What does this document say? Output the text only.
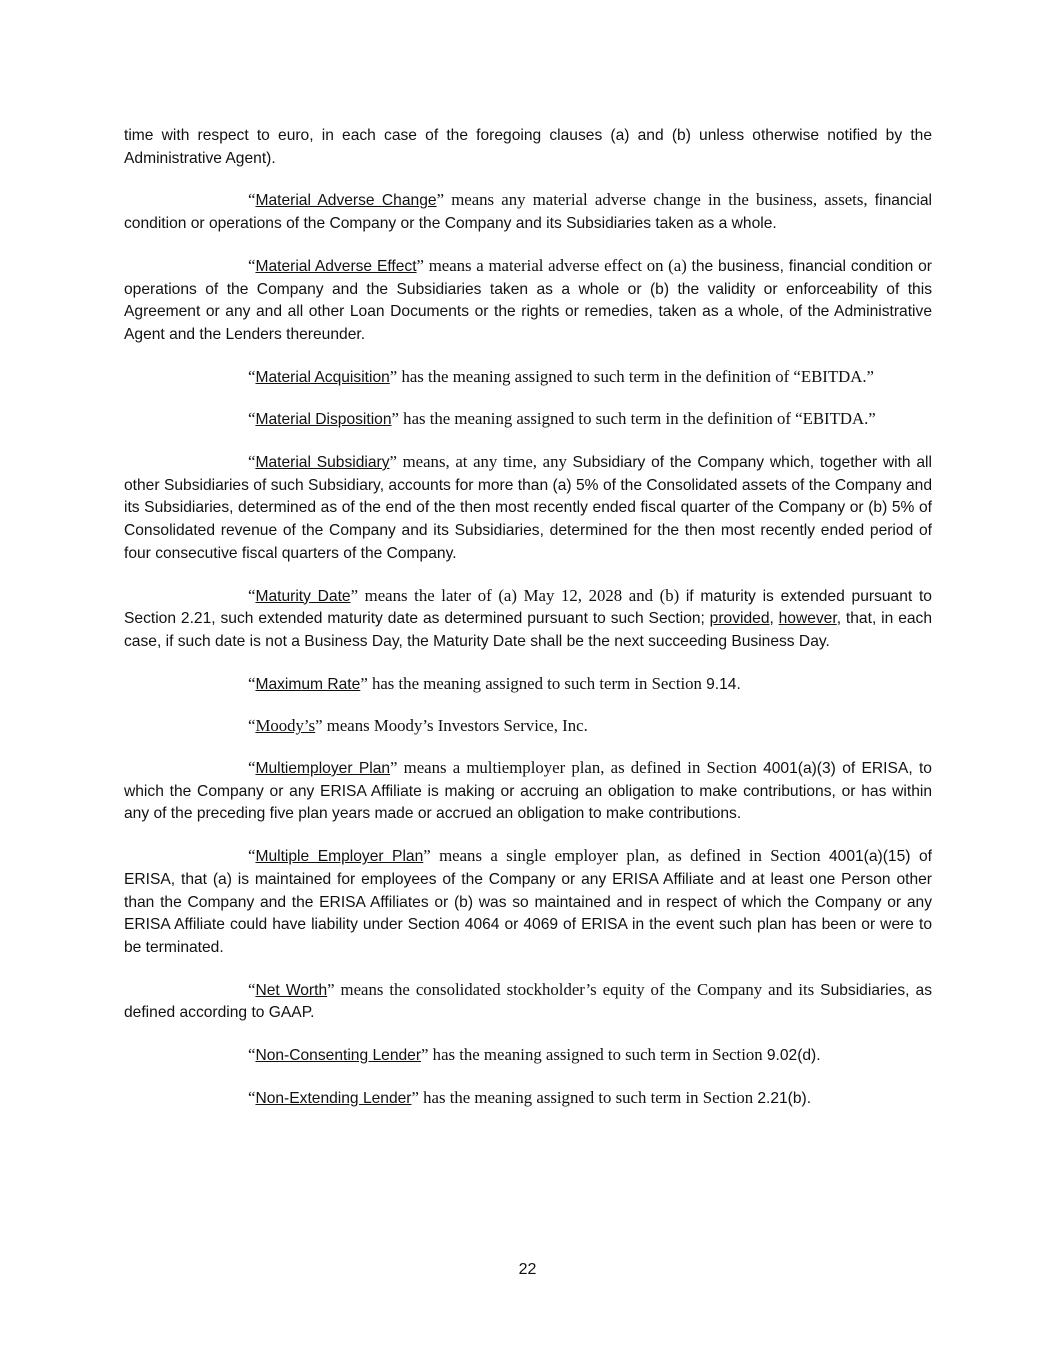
time with respect to euro, in each case of the foregoing clauses (a) and (b) unless otherwise notified by the Administrative Agent).

“Material Adverse Change” means any material adverse change in the business, assets, financial condition or operations of the Company or the Company and its Subsidiaries taken as a whole.

“Material Adverse Effect” means a material adverse effect on (a) the business, financial condition or operations of the Company and the Subsidiaries taken as a whole or (b) the validity or enforceability of this Agreement or any and all other Loan Documents or the rights or remedies, taken as a whole, of the Administrative Agent and the Lenders thereunder.

“Material Acquisition” has the meaning assigned to such term in the definition of “EBITDA.”

“Material Disposition” has the meaning assigned to such term in the definition of “EBITDA.”

“Material Subsidiary” means, at any time, any Subsidiary of the Company which, together with all other Subsidiaries of such Subsidiary, accounts for more than (a) 5% of the Consolidated assets of the Company and its Subsidiaries, determined as of the end of the then most recently ended fiscal quarter of the Company or (b) 5% of Consolidated revenue of the Company and its Subsidiaries, determined for the then most recently ended period of four consecutive fiscal quarters of the Company.

“Maturity Date” means the later of (a) May 12, 2028 and (b) if maturity is extended pursuant to Section 2.21, such extended maturity date as determined pursuant to such Section; provided, however, that, in each case, if such date is not a Business Day, the Maturity Date shall be the next succeeding Business Day.

“Maximum Rate” has the meaning assigned to such term in Section 9.14.

“Moody’s” means Moody’s Investors Service, Inc.

“Multiemployer Plan” means a multiemployer plan, as defined in Section 4001(a)(3) of ERISA, to which the Company or any ERISA Affiliate is making or accruing an obligation to make contributions, or has within any of the preceding five plan years made or accrued an obligation to make contributions.

“Multiple Employer Plan” means a single employer plan, as defined in Section 4001(a)(15) of ERISA, that (a) is maintained for employees of the Company or any ERISA Affiliate and at least one Person other than the Company and the ERISA Affiliates or (b) was so maintained and in respect of which the Company or any ERISA Affiliate could have liability under Section 4064 or 4069 of ERISA in the event such plan has been or were to be terminated.

“Net Worth” means the consolidated stockholder’s equity of the Company and its Subsidiaries, as defined according to GAAP.

“Non-Consenting Lender” has the meaning assigned to such term in Section 9.02(d).

“Non-Extending Lender” has the meaning assigned to such term in Section 2.21(b).

22
